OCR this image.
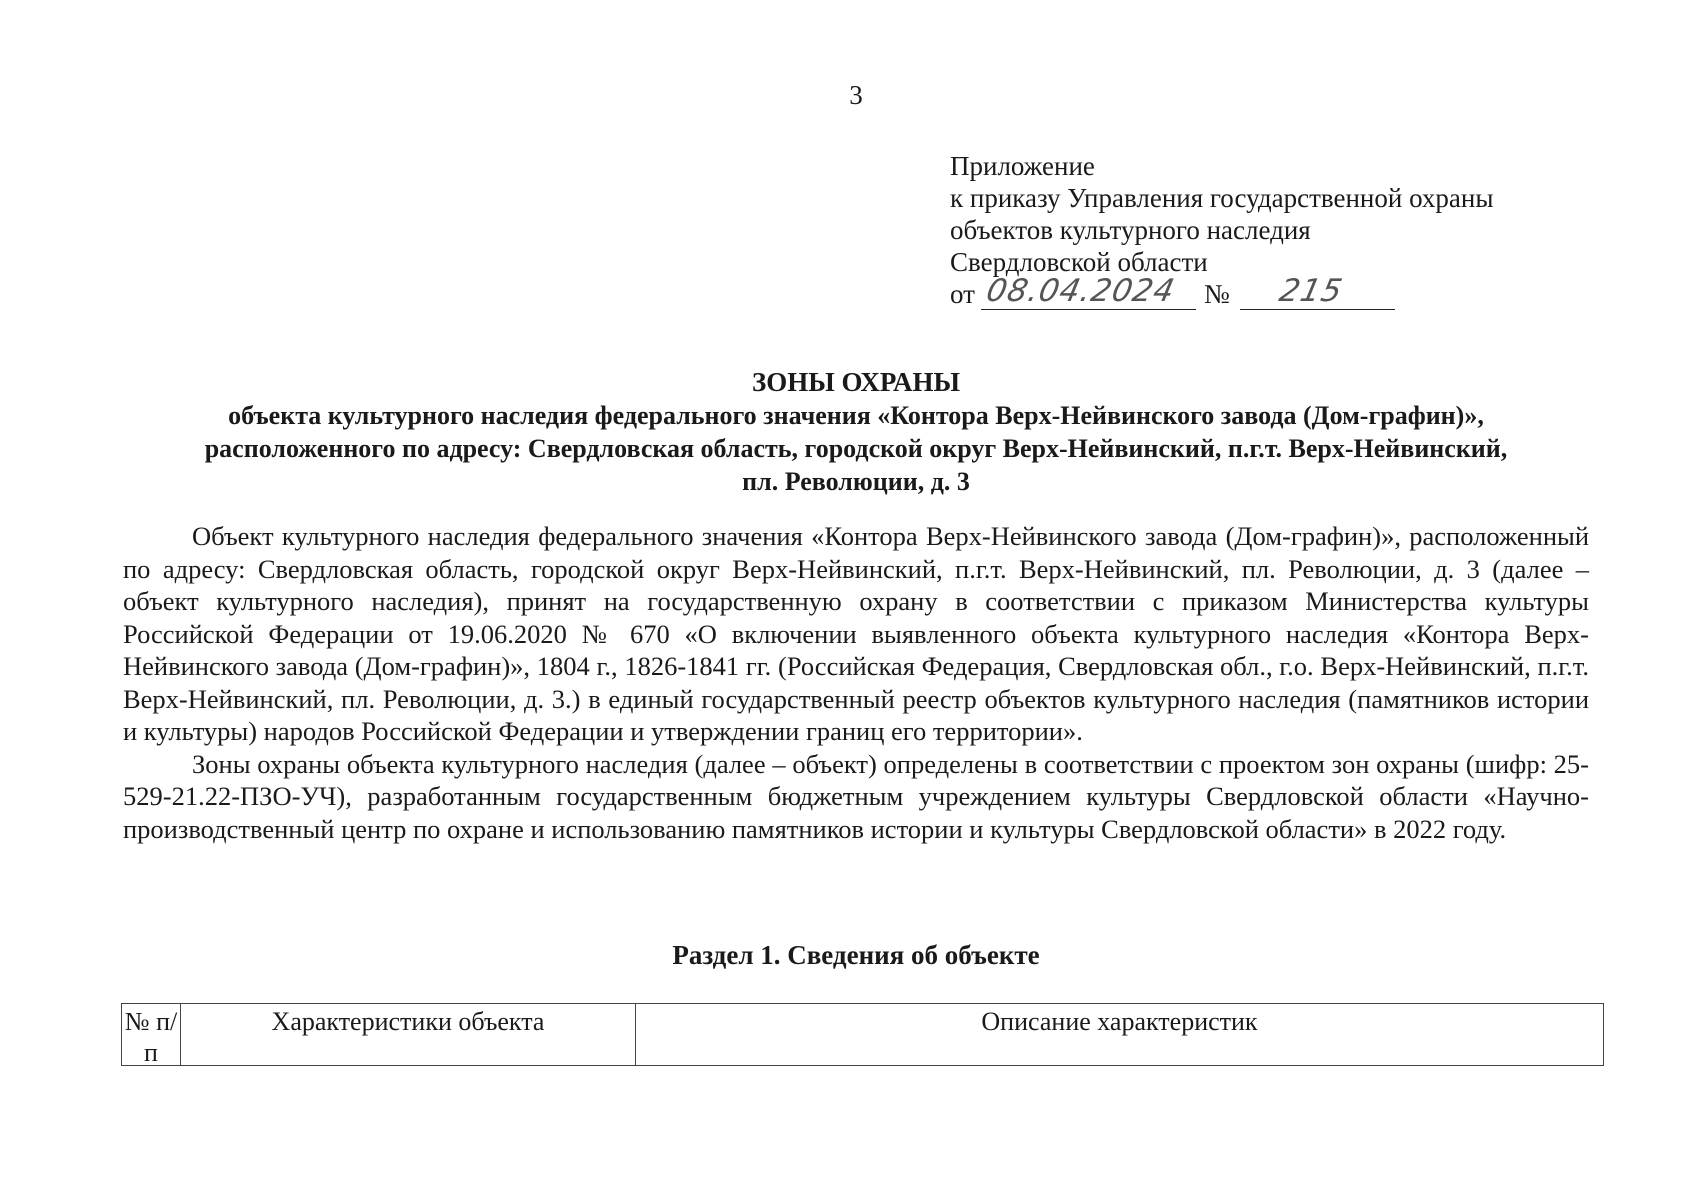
3
Приложение
к приказу Управления государственной охраны
объектов культурного наследия
Свердловской области
от 08.04.2024 № 215
ЗОНЫ ОХРАНЫ
объекта культурного наследия федерального значения «Контора Верх-Нейвинского завода (Дом-графин)»,
расположенного по адресу: Свердловская область, городской округ Верх-Нейвинский, п.г.т. Верх-Нейвинский,
пл. Революции, д. 3

Объект культурного наследия федерального значения «Контора Верх-Нейвинского завода (Дом-графин)», расположенный по адресу: Свердловская область, городской округ Верх-Нейвинский, п.г.т. Верх-Нейвинский, пл. Революции, д. 3 (далее – объект культурного наследия), принят на государственную охрану в соответствии с приказом Министерства культуры Российской Федерации от 19.06.2020 № 670 «О включении выявленного объекта культурного наследия «Контора Верх-Нейвинского завода (Дом-графин)», 1804 г., 1826-1841 гг. (Российская Федерация, Свердловская обл., г.о. Верх-Нейвинский, п.г.т. Верх-Нейвинский, пл. Революции, д. 3.) в единый государственный реестр объектов культурного наследия (памятников истории и культуры) народов Российской Федерации и утверждении границ его территории».

Зоны охраны объекта культурного наследия (далее – объект) определены в соответствии с проектом зон охраны (шифр: 25-529-21.22-ПЗО-УЧ), разработанным государственным бюджетным учреждением культуры Свердловской области «Научно-производственный центр по охране и использованию памятников истории и культуры Свердловской области» в 2022 году.

Раздел 1. Сведения об объекте
№ п/п
Характеристики объекта	Описание характеристик
